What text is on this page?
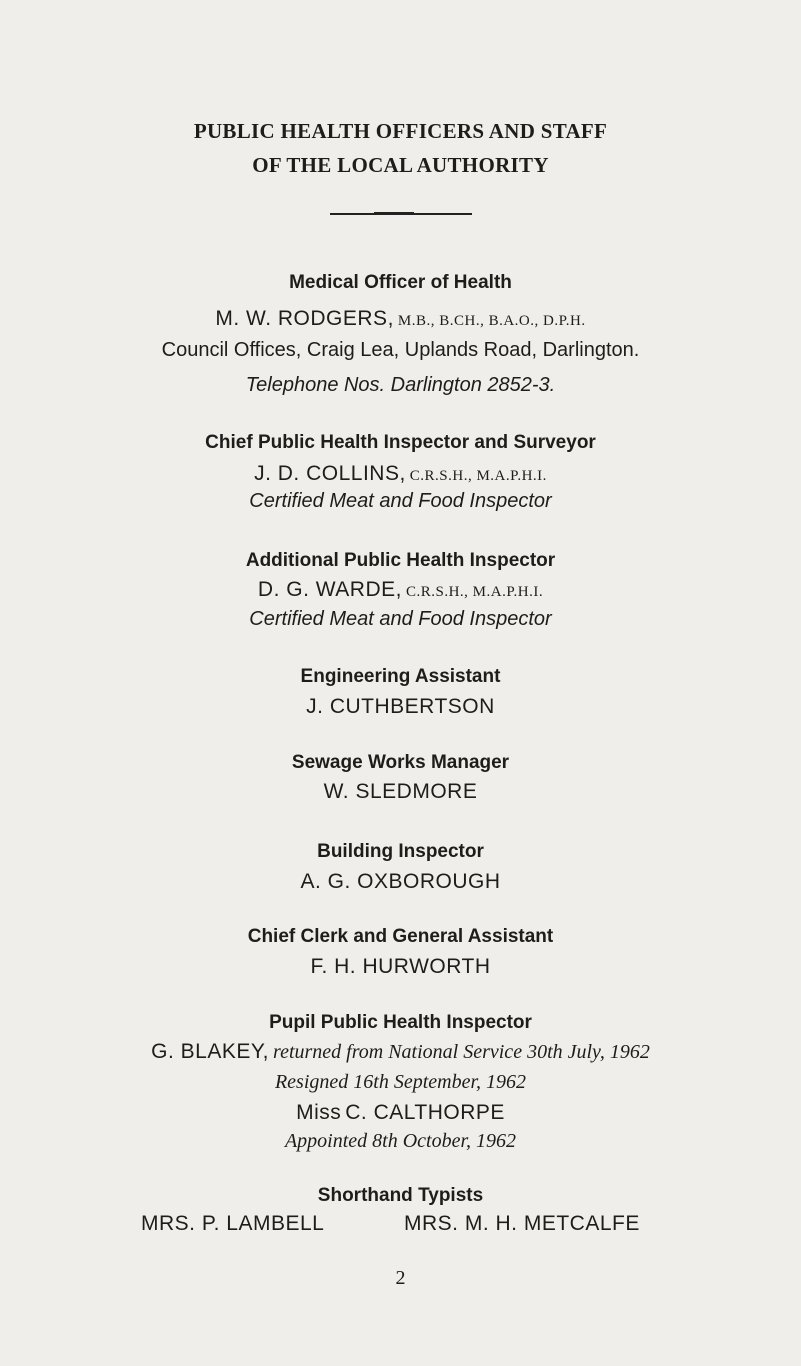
PUBLIC HEALTH OFFICERS AND STAFF
OF THE LOCAL AUTHORITY
Medical Officer of Health
M. W. RODGERS, M.B., B.CH., B.A.O., D.P.H.
Council Offices, Craig Lea, Uplands Road, Darlington.
Telephone Nos. Darlington 2852-3.
Chief Public Health Inspector and Surveyor
J. D. COLLINS, C.R.S.H., M.A.P.H.I.
Certified Meat and Food Inspector
Additional Public Health Inspector
D. G. WARDE, C.R.S.H., M.A.P.H.I.
Certified Meat and Food Inspector
Engineering Assistant
J. CUTHBERTSON
Sewage Works Manager
W. SLEDMORE
Building Inspector
A. G. OXBOROUGH
Chief Clerk and General Assistant
F. H. HURWORTH
Pupil Public Health Inspector
G. BLAKEY, returned from National Service 30th July, 1962
Resigned 16th September, 1962
Miss C. CALTHORPE
Appointed 8th October, 1962
Shorthand Typists
MRS. P. LAMBELL	MRS. M. H. METCALFE
2
